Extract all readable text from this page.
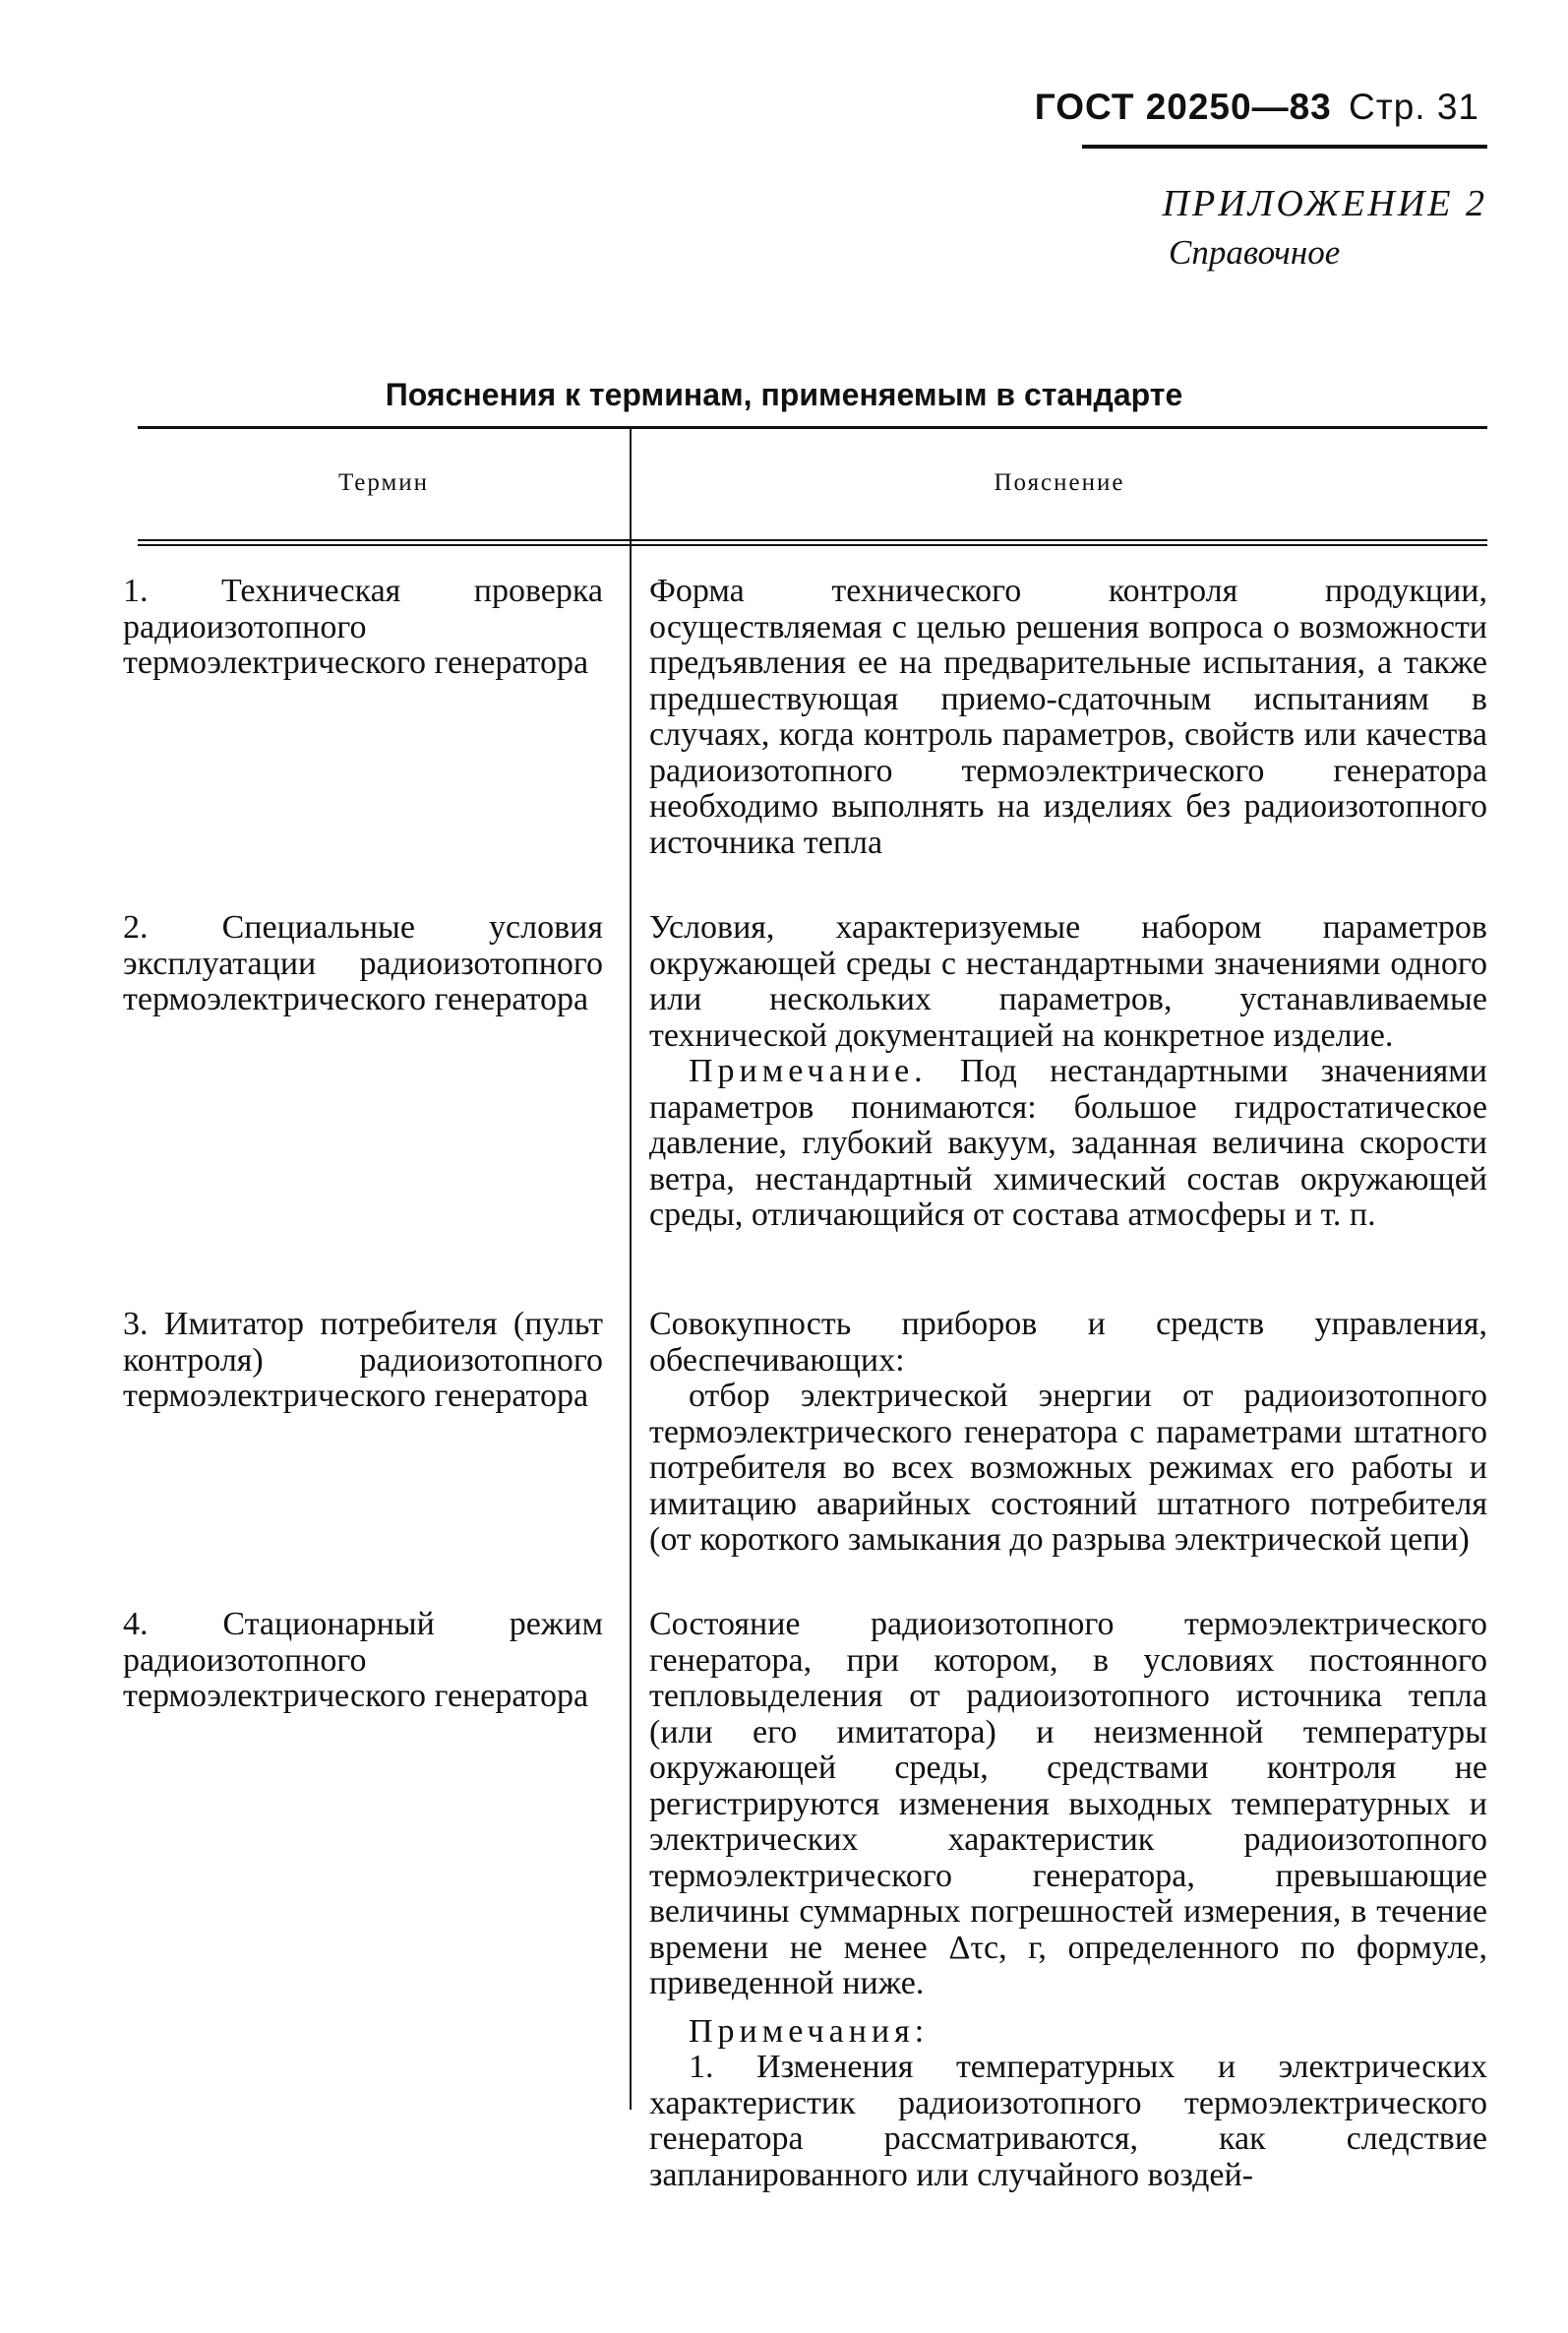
ГОСТ 20250—83 Стр. 31
ПРИЛОЖЕНИЕ 2
Справочное
Пояснения к терминам, применяемым в стандарте
Термин	Пояснение
1. Техническая проверка радиоизотопного термоэлектрического генератора

Форма технического контроля продукции, осуществляемая с целью решения вопроса о возможности предъявления ее на предварительные испытания, а также предшествующая приемо-сдаточным испытаниям в случаях, когда контроль параметров, свойств или качества радиоизотопного термоэлектрического генератора необходимо выполнять на изделиях без радиоизотопного источника тепла

2. Специальные условия эксплуатации радиоизотопного термоэлектрического генератора

Условия, характеризуемые набором параметров окружающей среды с нестандартными значениями одного или нескольких параметров, устанавливаемые технической документацией на конкретное изделие.

Примечание. Под нестандартными значениями параметров понимаются: большое гидростатическое давление, глубокий вакуум, заданная величина скорости ветра, нестандартный химический состав окружающей среды, отличающийся от состава атмосферы и т. п.

3. Имитатор потребителя (пульт контроля) радиоизотопного термоэлектрического генератора

Совокупность приборов и средств управления, обеспечивающих:

отбор электрической энергии от радиоизотопного термоэлектрического генератора с параметрами штатного потребителя во всех возможных режимах его работы и имитацию аварийных состояний штатного потребителя (от короткого замыкания до разрыва электрической цепи)

4. Стационарный режим радиоизотопного термоэлектрического генератора

Состояние радиоизотопного термоэлектрического генератора, при котором, в условиях постоянного тепловыделения от радиоизотопного источника тепла (или его имитатора) и неизменной температуры окружающей среды, средствами контроля не регистрируются изменения выходных температурных и электрических характеристик радиоизотопного термоэлектрического генератора, превышающие величины суммарных погрешностей измерения, в течение времени не менее Δτс, г, определенного по формуле, приведенной ниже.

Примечания:

1. Изменения температурных и электрических характеристик радиоизотопного термоэлектрического генератора рассматриваются, как следствие запланированного или случайного воздей-
